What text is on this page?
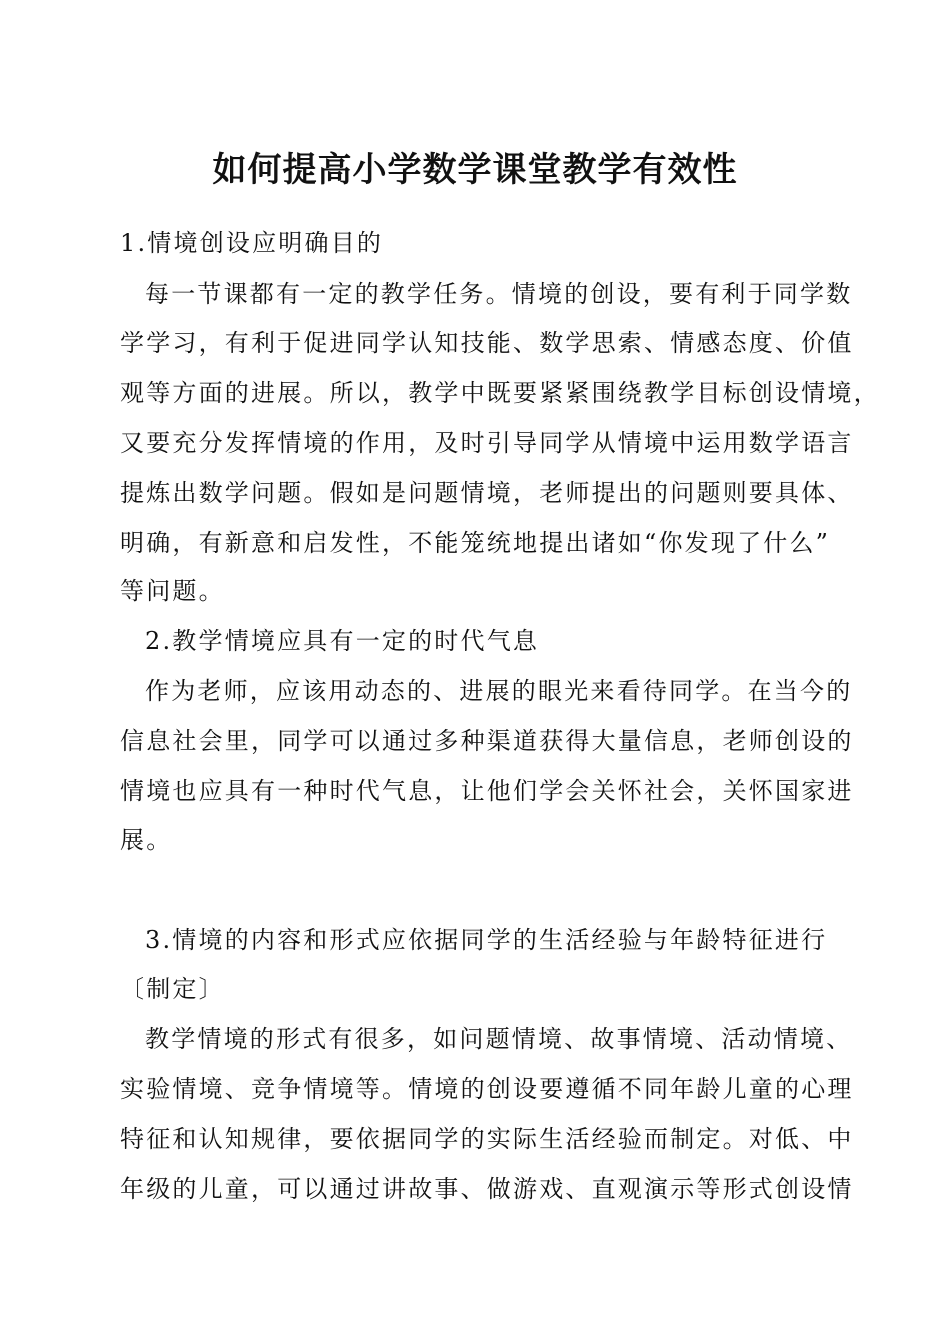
如何提高小学数学课堂教学有效性
1.情境创设应明确目的
每一节课都有一定的教学任务。情境的创设，要有利于同学数
学学习，有利于促进同学认知技能、数学思索、情感态度、价值
观等方面的进展。所以，教学中既要紧紧围绕教学目标创设情境，
又要充分发挥情境的作用，及时引导同学从情境中运用数学语言
提炼出数学问题。假如是问题情境，老师提出的问题则要具体、
明确，有新意和启发性，不能笼统地提出诸如“你发现了什么”
等问题。
2.教学情境应具有一定的时代气息
作为老师，应该用动态的、进展的眼光来看待同学。在当今的
信息社会里，同学可以通过多种渠道获得大量信息，老师创设的
情境也应具有一种时代气息，让他们学会关怀社会，关怀国家进
展。
3.情境的内容和形式应依据同学的生活经验与年龄特征进行
〔制定〕
教学情境的形式有很多，如问题情境、故事情境、活动情境、
实验情境、竞争情境等。情境的创设要遵循不同年龄儿童的心理
特征和认知规律，要依据同学的实际生活经验而制定。对低、中
年级的儿童，可以通过讲故事、做游戏、直观演示等形式创设情
